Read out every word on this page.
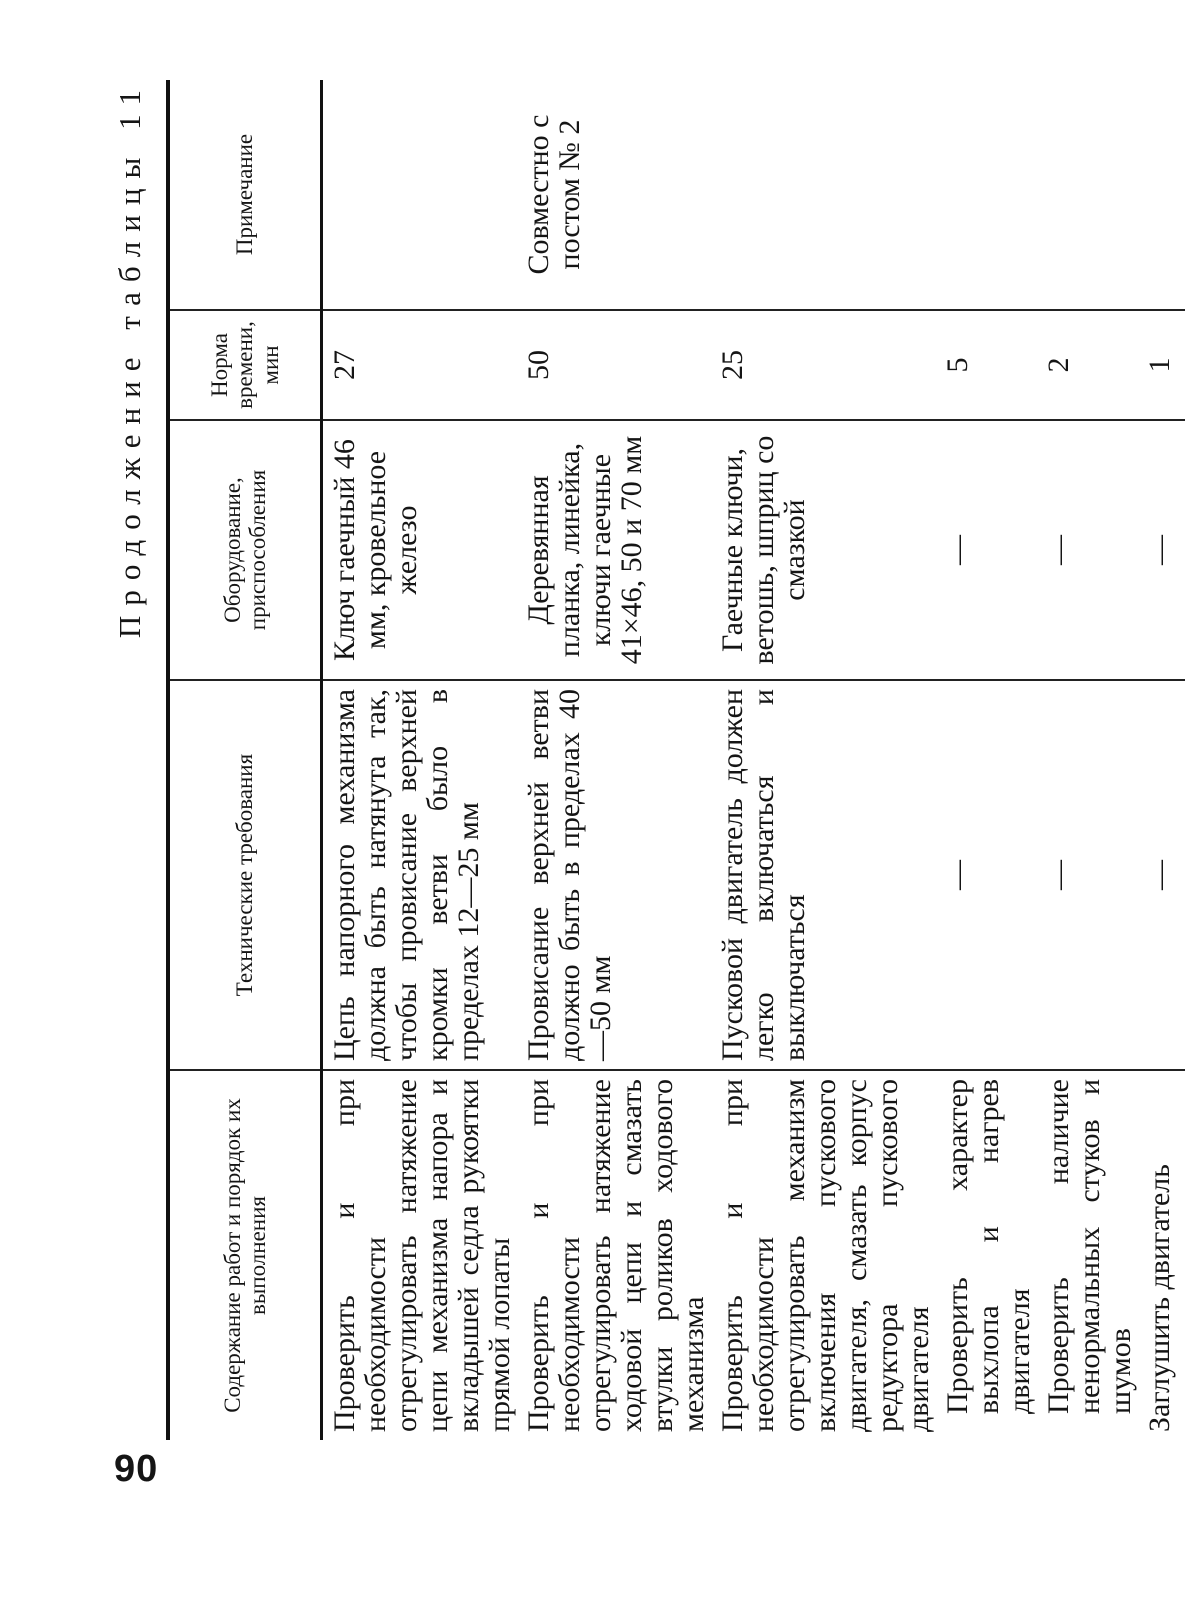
90
Продолжение таблицы 11
Содержание работ и порядок их выполнения	Технические требования	Оборудование, приспособления	Норма времени, мин	Примечание
Проверить и при необходимости отрегулировать натяжение цепи механизма напора и вкладышей седла рукоятки прямой лопаты	Цепь напорного механизма должна быть натянута так, чтобы провисание верхней кромки ветви было в пределах 12—25 мм	Ключ гаечный 46 мм, кровельное железо	27	
Проверить и при необходимости отрегулировать натяжение ходовой цепи и смазать втулки роликов ходового механизма	Провисание верхней ветви должно быть в пределах 40—50 мм	Деревянная планка, линейка, ключи гаечные 41×46, 50 и 70 мм	50	Совместно с постом № 2
Проверить и при необходимости отрегулировать механизм включения пускового двигателя, смазать корпус редуктора пускового двигателя	Пусковой двигатель должен легко включаться и выключаться	Гаечные ключи, ветошь, шприц со смазкой	25	
Проверить характер выхлопа и нагрев двигателя	—	—	5	
Проверить наличие ненормальных стуков и шумов	—	—	2	
Заглушить двигатель	—	—	1	
